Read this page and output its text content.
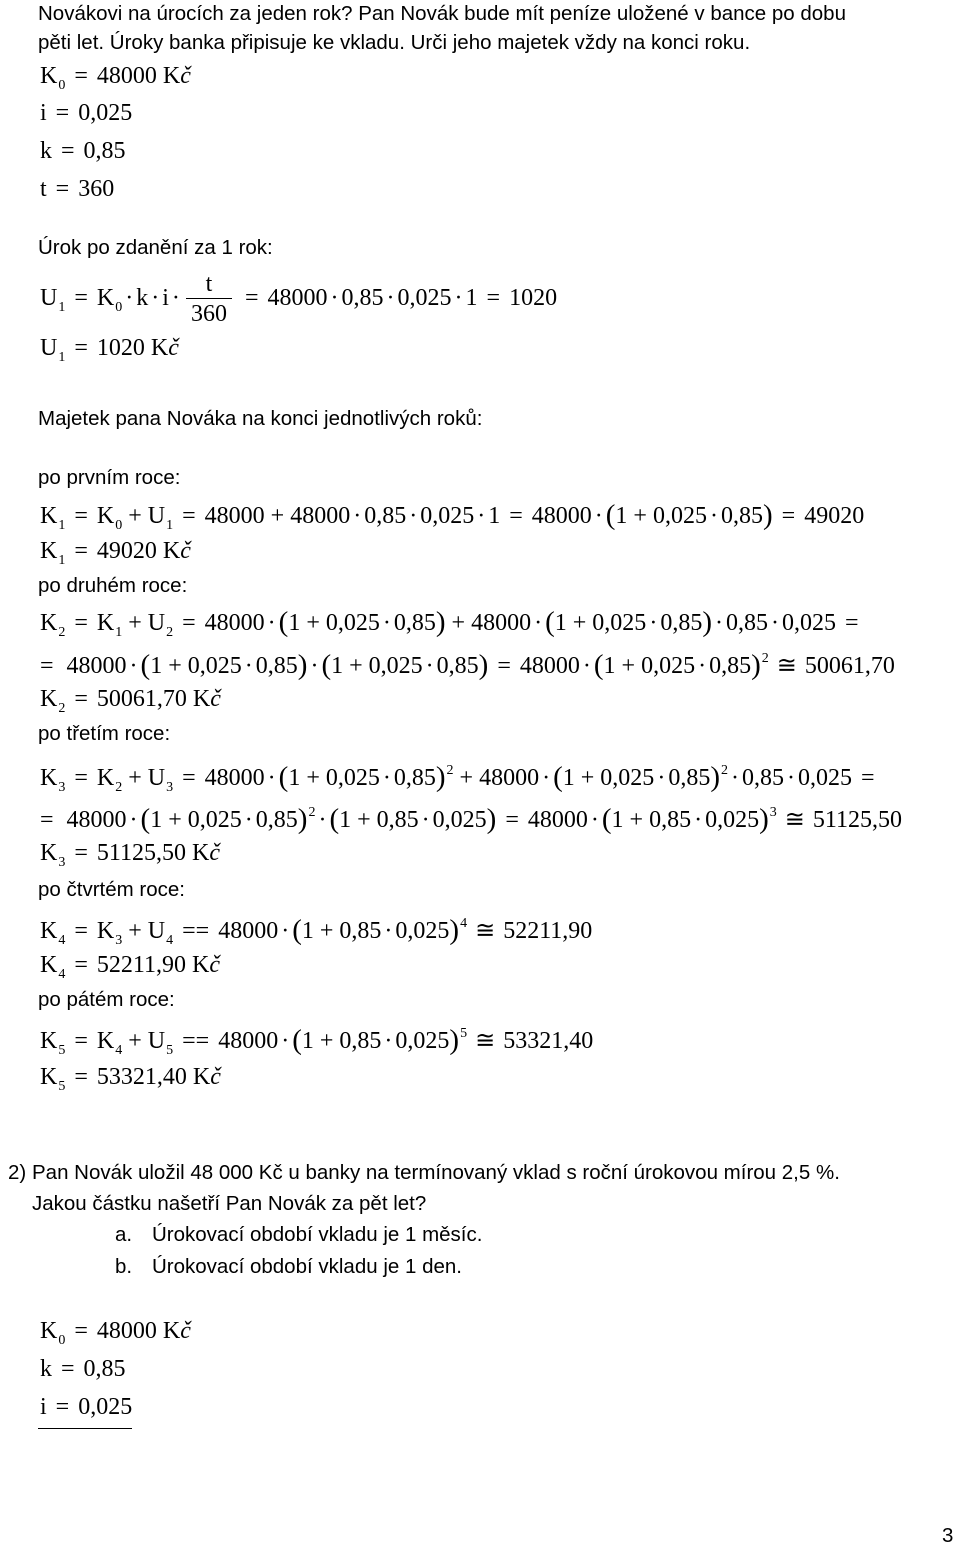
Novákovi na úrocích za jeden rok? Pan Novák bude mít peníze uložené v bance po dobu
pěti let. Úroky banka připisuje ke vkladu. Urči jeho majetek vždy na konci roku.
$K_0 = 48000$ Kč
i = 0,025
k = 0,85
t = 360
Úrok po zdanění za 1 rok:
$U_1 = K_0 \cdot k \cdot i \cdot \frac{t}{360} = 48000 \cdot 0,85 \cdot 0,025 \cdot 1 = 1020$
$U_1 = 1020$ Kč
Majetek pana Nováka na konci jednotlivých roků:
po prvním roce:
$K_1 = K_0 + U_1 = 48000 + 48000 \cdot 0,85 \cdot 0,025 \cdot 1 = 48000 \cdot (1 + 0,025 \cdot 0,85) = 49020$
$K_1 = 49020$ Kč
po druhém roce:
$K_2 = K_1 + U_2 = 48000 \cdot (1 + 0,025 \cdot 0,85) + 48000 \cdot (1 + 0,025 \cdot 0,85) \cdot 0,85 \cdot 0,025$ =
= $48000 \cdot (1 + 0,025 \cdot 0,85) \cdot (1 + 0,025 \cdot 0,85) = 48000 \cdot (1 + 0,025 \cdot 0,85)^2$ ≅ 50061,70
$K_2 = 50061,70$ Kč
po třetím roce:
$K_3 = K_2 + U_3 = 48000 \cdot (1 + 0,025 \cdot 0,85)^2 + 48000 \cdot (1 + 0,025 \cdot 0,85)^2 \cdot 0,85 \cdot 0,025$ =
= $48000 \cdot (1 + 0,025 \cdot 0,85)^2 \cdot (1 + 0,85 \cdot 0,025) = 48000 \cdot (1 + 0,85 \cdot 0,025)^3$ ≅ 51125,50
$K_3 = 51125,50$ Kč
po čtvrtém roce:
$K_4 = K_3 + U_4 == 48000 \cdot (1 + 0,85 \cdot 0,025)^4$ ≅ 52211,90
$K_4 = 52211,90$ Kč
po pátém roce:
$K_5 = K_4 + U_5 == 48000 \cdot (1 + 0,85 \cdot 0,025)^5$ ≅ 53321,40
$K_5 = 53321,40$ Kč
2) Pan Novák uložil 48 000 Kč u banky na termínovaný vklad s roční úrokovou mírou 2,5 %.
Jakou částku našetří Pan Novák za pět let?
a. Úrokovací období vkladu je 1 měsíc.
b. Úrokovací období vkladu je 1 den.
$K_0 = 48000$ Kč
k = 0,85
i = 0,025
3
